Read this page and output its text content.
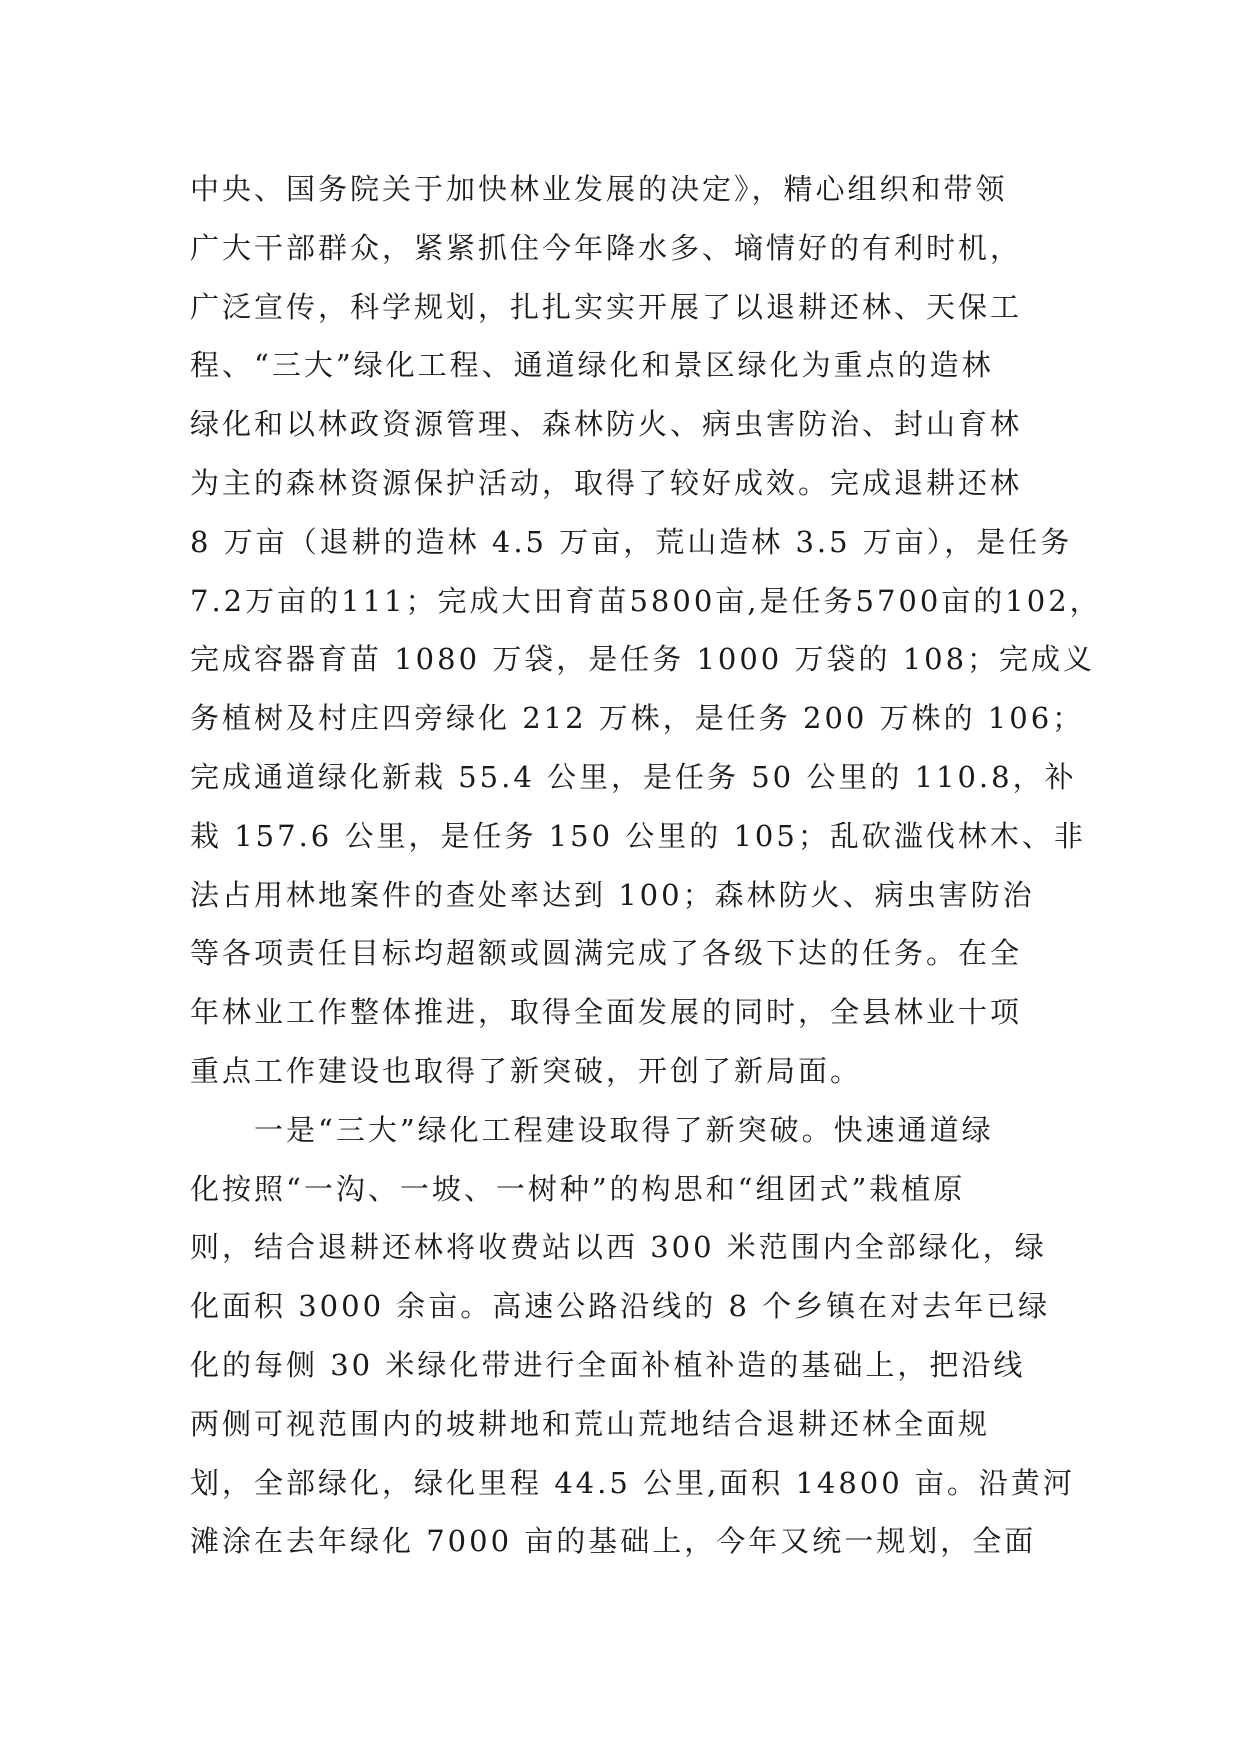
中央、国务院关于加快林业发展的决定》，精心组织和带领
广大干部群众，紧紧抓住今年降水多、墒情好的有利时机，
广泛宣传，科学规划，扎扎实实开展了以退耕还林、天保工
程、“三大”绿化工程、通道绿化和景区绿化为重点的造林
绿化和以林政资源管理、森林防火、病虫害防治、封山育林
为主的森林资源保护活动，取得了较好成效。完成退耕还林
8 万亩（退耕的造林 4.5 万亩，荒山造林 3.5 万亩），是任务
7.2万亩的111；完成大田育苗5800亩,是任务5700亩的102，
完成容器育苗 1080 万袋，是任务 1000 万袋的 108；完成义
务植树及村庄四旁绿化 212 万株，是任务 200 万株的 106；
完成通道绿化新栽 55.4 公里，是任务 50 公里的 110.8，补
栽 157.6 公里，是任务 150 公里的 105；乱砍滥伐林木、非
法占用林地案件的查处率达到 100；森林防火、病虫害防治
等各项责任目标均超额或圆满完成了各级下达的任务。在全
年林业工作整体推进，取得全面发展的同时，全县林业十项
重点工作建设也取得了新突破，开创了新局面。
一是“三大”绿化工程建设取得了新突破。快速通道绿
化按照“一沟、一坡、一树种”的构思和“组团式”栽植原
则，结合退耕还林将收费站以西 300 米范围内全部绿化，绿
化面积 3000 余亩。高速公路沿线的 8 个乡镇在对去年已绿
化的每侧 30 米绿化带进行全面补植补造的基础上，把沿线
两侧可视范围内的坡耕地和荒山荒地结合退耕还林全面规
划，全部绿化，绿化里程 44.5 公里,面积 14800 亩。沿黄河
滩涂在去年绿化 7000 亩的基础上，今年又统一规划，全面
